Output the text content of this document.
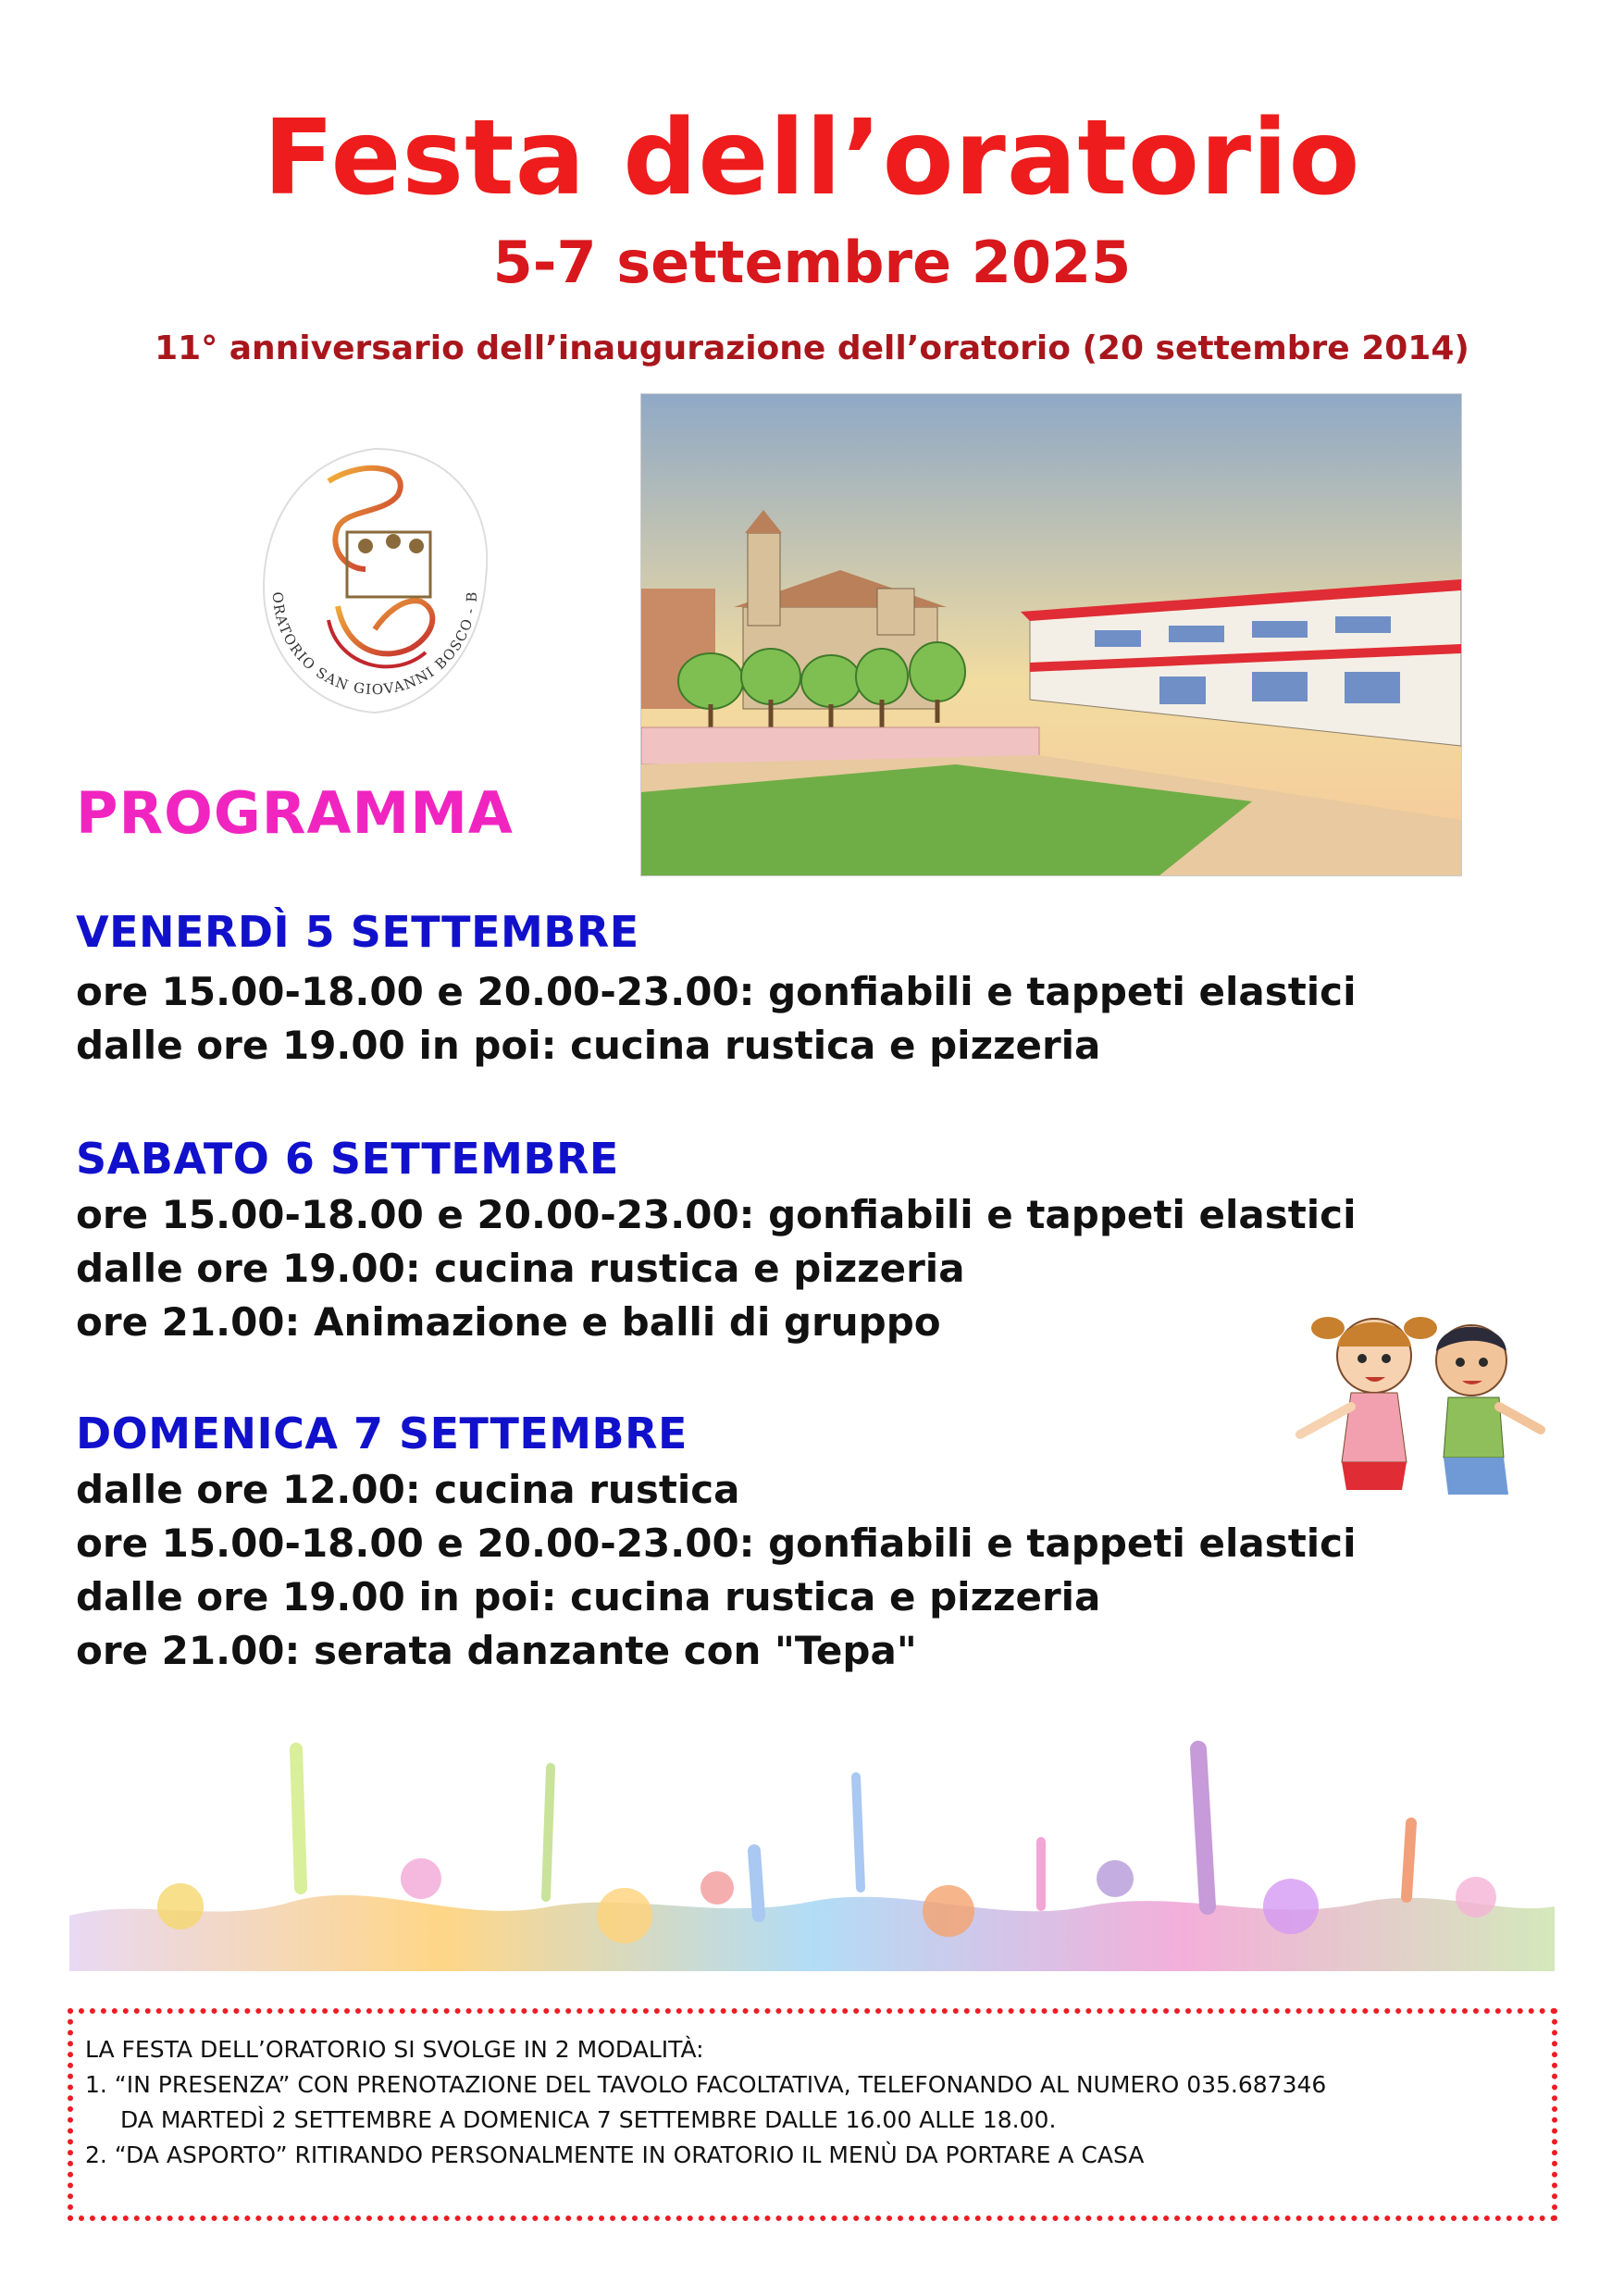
Festa dell’oratorio
5-7 settembre 2025
11° anniversario dell’inaugurazione dell’oratorio (20 settembre 2014)
ORATORIO SAN GIOVANNI BOSCO - B
PROGRAMMA
VENERDÌ 5 SETTEMBRE
ore 15.00-18.00 e 20.00-23.00: gonfiabili e tappeti elastici
dalle ore 19.00 in poi: cucina rustica e pizzeria
SABATO 6 SETTEMBRE
ore 15.00-18.00 e 20.00-23.00: gonfiabili e tappeti elastici
dalle ore 19.00: cucina rustica e pizzeria
ore 21.00: Animazione e balli di gruppo
DOMENICA 7 SETTEMBRE
dalle ore 12.00: cucina rustica
ore 15.00-18.00 e 20.00-23.00: gonfiabili e tappeti elastici
dalle ore 19.00 in poi: cucina rustica e pizzeria
ore 21.00: serata danzante con "Tepa"
LA FESTA DELL’ORATORIO SI SVOLGE IN 2 MODALITÀ:
1. “IN PRESENZA” CON PRENOTAZIONE DEL TAVOLO FACOLTATIVA, TELEFONANDO AL NUMERO 035.687346
DA MARTEDÌ 2 SETTEMBRE A DOMENICA 7 SETTEMBRE DALLE 16.00 ALLE 18.00.
2. “DA ASPORTO” RITIRANDO PERSONALMENTE IN ORATORIO IL MENÙ DA PORTARE A CASA
